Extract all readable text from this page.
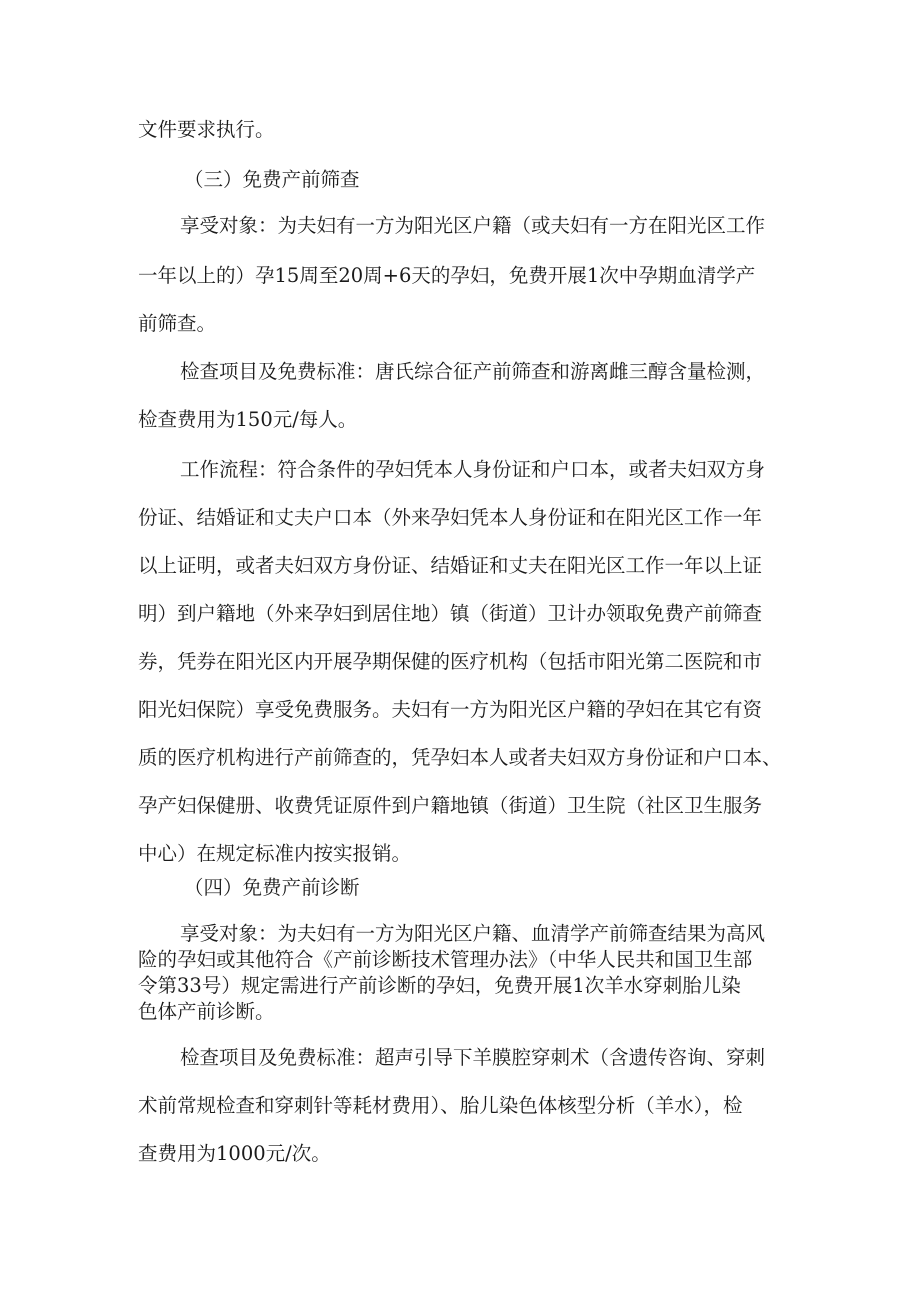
文件要求执行。

（三）免费产前筛查

享受对象：为夫妇有一方为阳光区户籍（或夫妇有一方在阳光区工作

一年以上的）孕15周至20周+6天的孕妇，免费开展1次中孕期血清学产

前筛查。

检查项目及免费标准：唐氏综合征产前筛查和游离雌三醇含量检测，

检查费用为150元/每人。

工作流程：符合条件的孕妇凭本人身份证和户口本，或者夫妇双方身

份证、结婚证和丈夫户口本（外来孕妇凭本人身份证和在阳光区工作一年

以上证明，或者夫妇双方身份证、结婚证和丈夫在阳光区工作一年以上证

明）到户籍地（外来孕妇到居住地）镇（街道）卫计办领取免费产前筛查

券，凭券在阳光区内开展孕期保健的医疗机构（包括市阳光第二医院和市

阳光妇保院）享受免费服务。夫妇有一方为阳光区户籍的孕妇在其它有资

质的医疗机构进行产前筛查的，凭孕妇本人或者夫妇双方身份证和户口本、

孕产妇保健册、收费凭证原件到户籍地镇（街道）卫生院（社区卫生服务

中心）在规定标准内按实报销。

（四）免费产前诊断

享受对象：为夫妇有一方为阳光区户籍、血清学产前筛查结果为高风

险的孕妇或其他符合《产前诊断技术管理办法》（中华人民共和国卫生部

令第33号）规定需进行产前诊断的孕妇，免费开展1次羊水穿刺胎儿染

色体产前诊断。

检查项目及免费标准：超声引导下羊膜腔穿刺术（含遗传咨询、穿刺

术前常规检查和穿刺针等耗材费用）、胎儿染色体核型分析（羊水），检

查费用为1000元/次。
